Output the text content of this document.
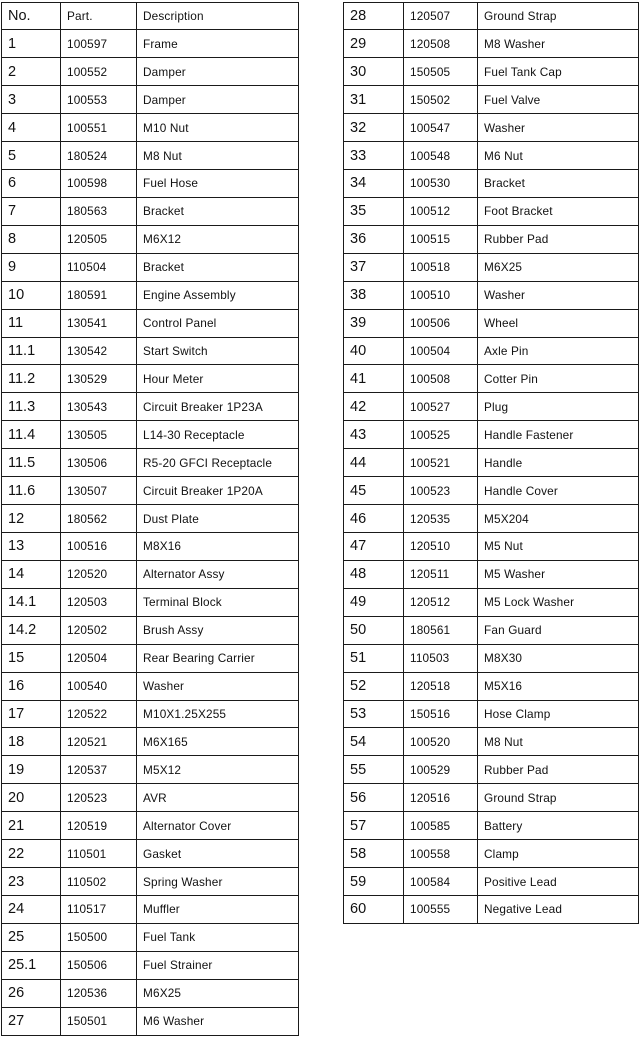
No.	Part.	Description
1	100597	Frame
2	100552	Damper
3	100553	Damper
4	100551	M10 Nut
5	180524	M8 Nut
6	100598	Fuel Hose
7	180563	Bracket
8	120505	M6X12
9	110504	Bracket
10	180591	Engine Assembly
11	130541	Control Panel
11.1	130542	Start Switch
11.2	130529	Hour Meter
11.3	130543	Circuit Breaker 1P23A
11.4	130505	L14-30 Receptacle
11.5	130506	R5-20 GFCI Receptacle
11.6	130507	Circuit Breaker 1P20A
12	180562	Dust Plate
13	100516	M8X16
14	120520	Alternator Assy
14.1	120503	Terminal Block
14.2	120502	Brush Assy
15	120504	Rear Bearing Carrier
16	100540	Washer
17	120522	M10X1.25X255
18	120521	M6X165
19	120537	M5X12
20	120523	AVR
21	120519	Alternator Cover
22	110501	Gasket
23	110502	Spring Washer
24	110517	Muffler
25	150500	Fuel Tank
25.1	150506	Fuel Strainer
26	120536	M6X25
27	150501	M6 Washer
28	120507	Ground Strap
29	120508	M8 Washer
30	150505	Fuel Tank Cap
31	150502	Fuel Valve
32	100547	Washer
33	100548	M6 Nut
34	100530	Bracket
35	100512	Foot Bracket
36	100515	Rubber Pad
37	100518	M6X25
38	100510	Washer
39	100506	Wheel
40	100504	Axle Pin
41	100508	Cotter Pin
42	100527	Plug
43	100525	Handle Fastener
44	100521	Handle
45	100523	Handle Cover
46	120535	M5X204
47	120510	M5 Nut
48	120511	M5 Washer
49	120512	M5 Lock Washer
50	180561	Fan Guard
51	110503	M8X30
52	120518	M5X16
53	150516	Hose Clamp
54	100520	M8 Nut
55	100529	Rubber Pad
56	120516	Ground Strap
57	100585	Battery
58	100558	Clamp
59	100584	Positive Lead
60	100555	Negative Lead
